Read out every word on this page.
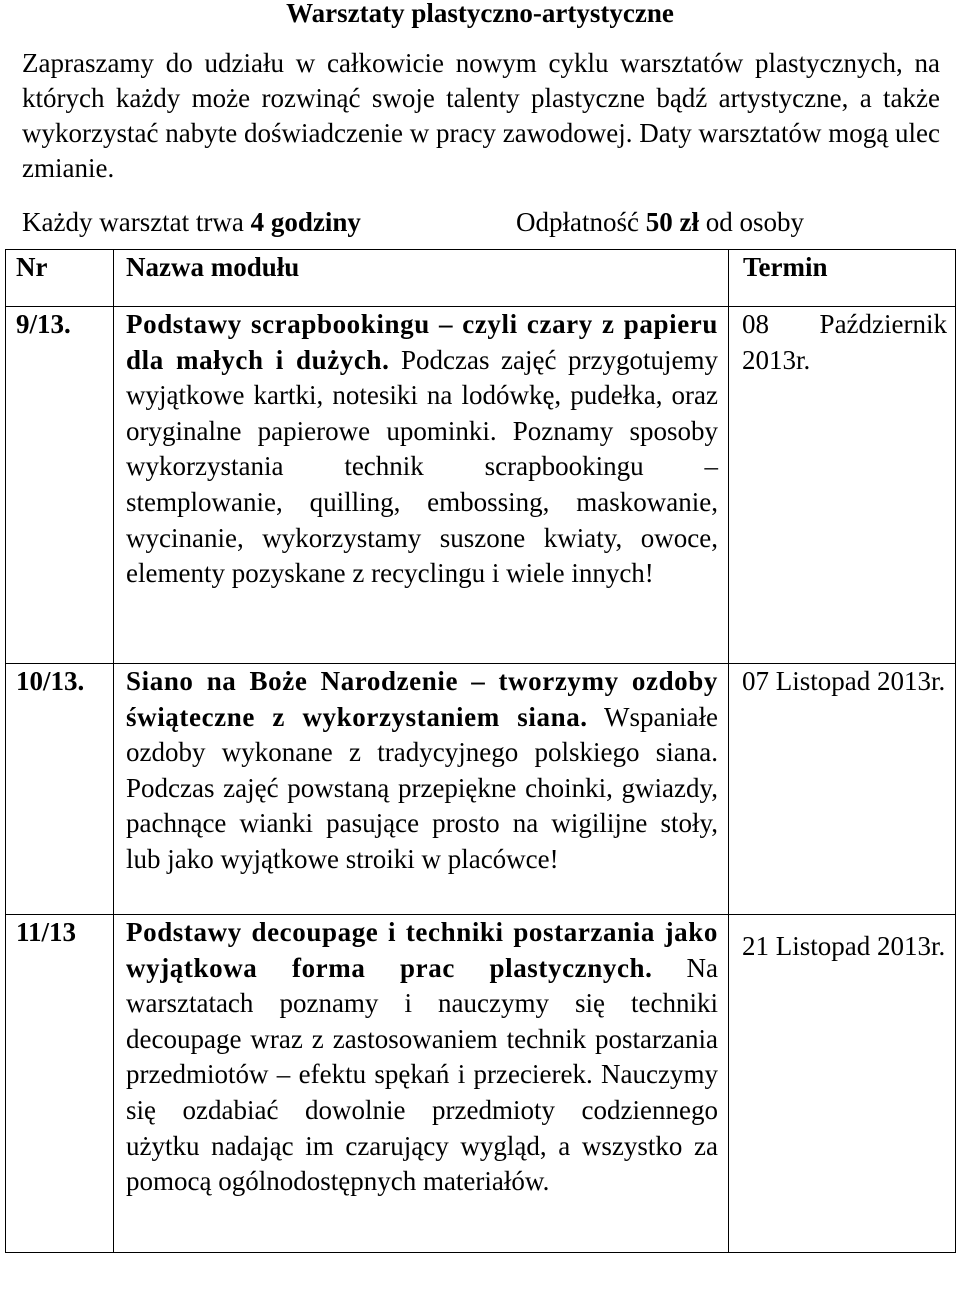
Warsztaty plastyczno-artystyczne
Zapraszamy do udziału w całkowicie nowym cyklu warsztatów plastycznych, na których każdy może rozwinąć swoje talenty plastyczne bądź artystyczne, a także wykorzystać nabyte doświadczenie w pracy zawodowej. Daty warsztatów mogą ulec zmianie.
Każdy warsztat trwa 4 godziny	Odpłatność 50 zł od osoby
Nr	Nazwa modułu	Termin
9/13.	Podstawy scrapbookingu – czyli czary z papieru dla małych i dużych. Podczas zajęć przygotujemy wyjątkowe kartki, notesiki na lodówkę, pudełka, oraz oryginalne papierowe upominki. Poznamy sposoby wykorzystania technik scrapbookingu – stemplowanie, quilling, embossing, maskowanie, wycinanie, wykorzystamy suszone kwiaty, owoce, elementy pozyskane z recyclingu i wiele innych!	08 Październik 2013r.
10/13.	Siano na Boże Narodzenie – tworzymy ozdoby świąteczne z wykorzystaniem siana. Wspaniałe ozdoby wykonane z tradycyjnego polskiego siana. Podczas zajęć powstaną przepiękne choinki, gwiazdy, pachnące wianki pasujące prosto na wigilijne stoły, lub jako wyjątkowe stroiki w placówce!	07 Listopad 2013r.
11/13	Podstawy decoupage i techniki postarzania jako wyjątkowa forma prac plastycznych. Na warsztatach poznamy i nauczymy się techniki decoupage wraz z zastosowaniem technik postarzania przedmiotów – efektu spękań i przecierek. Nauczymy się ozdabiać dowolnie przedmioty codziennego użytku nadając im czarujący wygląd, a wszystko za pomocą ogólnodostępnych materiałów.	21 Listopad 2013r.
